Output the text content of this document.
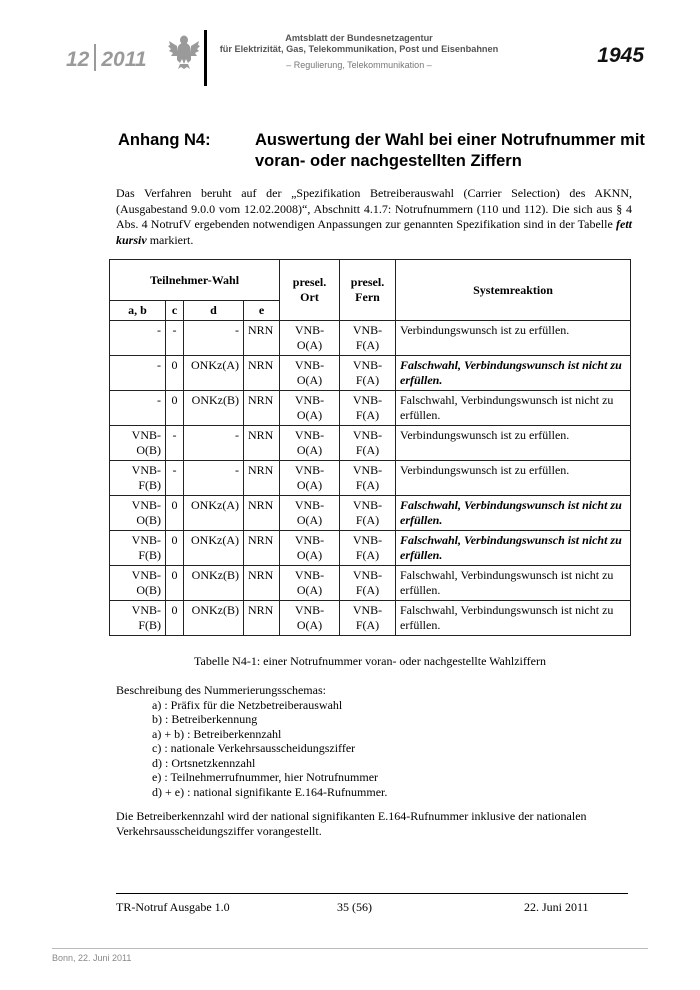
12 2011
Amtsblatt der Bundesnetzagentur
für Elektrizität, Gas, Telekommunikation, Post und Eisenbahnen
– Regulierung, Telekommunikation –	1945
Anhang N4:	Auswertung der Wahl bei einer Notrufnummer mit voran- oder nachgestellten Ziffern
Das Verfahren beruht auf der „Spezifikation Betreiberauswahl (Carrier Selection) des AKNN, (Ausgabestand 9.0.0 vom 12.02.2008)“, Abschnitt 4.1.7: Notrufnummern (110 und 112). Die sich aus § 4 Abs. 4 NotrufV ergebenden notwendigen Anpassungen zur genannten Spezifikation sind in der Tabelle fett kursiv markiert.
Teilnehmer-Wahl				presel. Ort	presel. Fern	Systemreaktion
a, b	c	d	e			
-	-	-	NRN	VNB-O(A)	VNB-F(A)	Verbindungswunsch ist zu erfüllen.
-	0	ONKz(A)	NRN	VNB-O(A)	VNB-F(A)	Falschwahl, Verbindungswunsch ist nicht zu erfüllen.
-	0	ONKz(B)	NRN	VNB-O(A)	VNB-F(A)	Falschwahl, Verbindungswunsch ist nicht zu erfüllen.
VNB-O(B)	-	-	NRN	VNB-O(A)	VNB-F(A)	Verbindungswunsch ist zu erfüllen.
VNB-F(B)	-	-	NRN	VNB-O(A)	VNB-F(A)	Verbindungswunsch ist zu erfüllen.
VNB-O(B)	0	ONKz(A)	NRN	VNB-O(A)	VNB-F(A)	Falschwahl, Verbindungswunsch ist nicht zu erfüllen.
VNB-F(B)	0	ONKz(A)	NRN	VNB-O(A)	VNB-F(A)	Falschwahl, Verbindungswunsch ist nicht zu erfüllen.
VNB-O(B)	0	ONKz(B)	NRN	VNB-O(A)	VNB-F(A)	Falschwahl, Verbindungswunsch ist nicht zu erfüllen.
VNB-F(B)	0	ONKz(B)	NRN	VNB-O(A)	VNB-F(A)	Falschwahl, Verbindungswunsch ist nicht zu erfüllen.
Tabelle N4-1: einer Notrufnummer voran- oder nachgestellte Wahlziffern
Beschreibung des Nummerierungsschemas:
a) : Präfix für die Netzbetreiberauswahl
b) : Betreiberkennung
a) + b) : Betreiberkennzahl
c) : nationale Verkehrsausscheidungsziffer
d) : Ortsnetzkennzahl
e) : Teilnehmerrufnummer, hier Notrufnummer
d) + e) : national signifikante E.164-Rufnummer.
Die Betreiberkennzahl wird der national signifikanten E.164-Rufnummer inklusive der nationalen Verkehrsausscheidungsziffer vorangestellt.
TR-Notruf Ausgabe 1.0	35 (56)	22. Juni 2011
Bonn, 22. Juni 2011
